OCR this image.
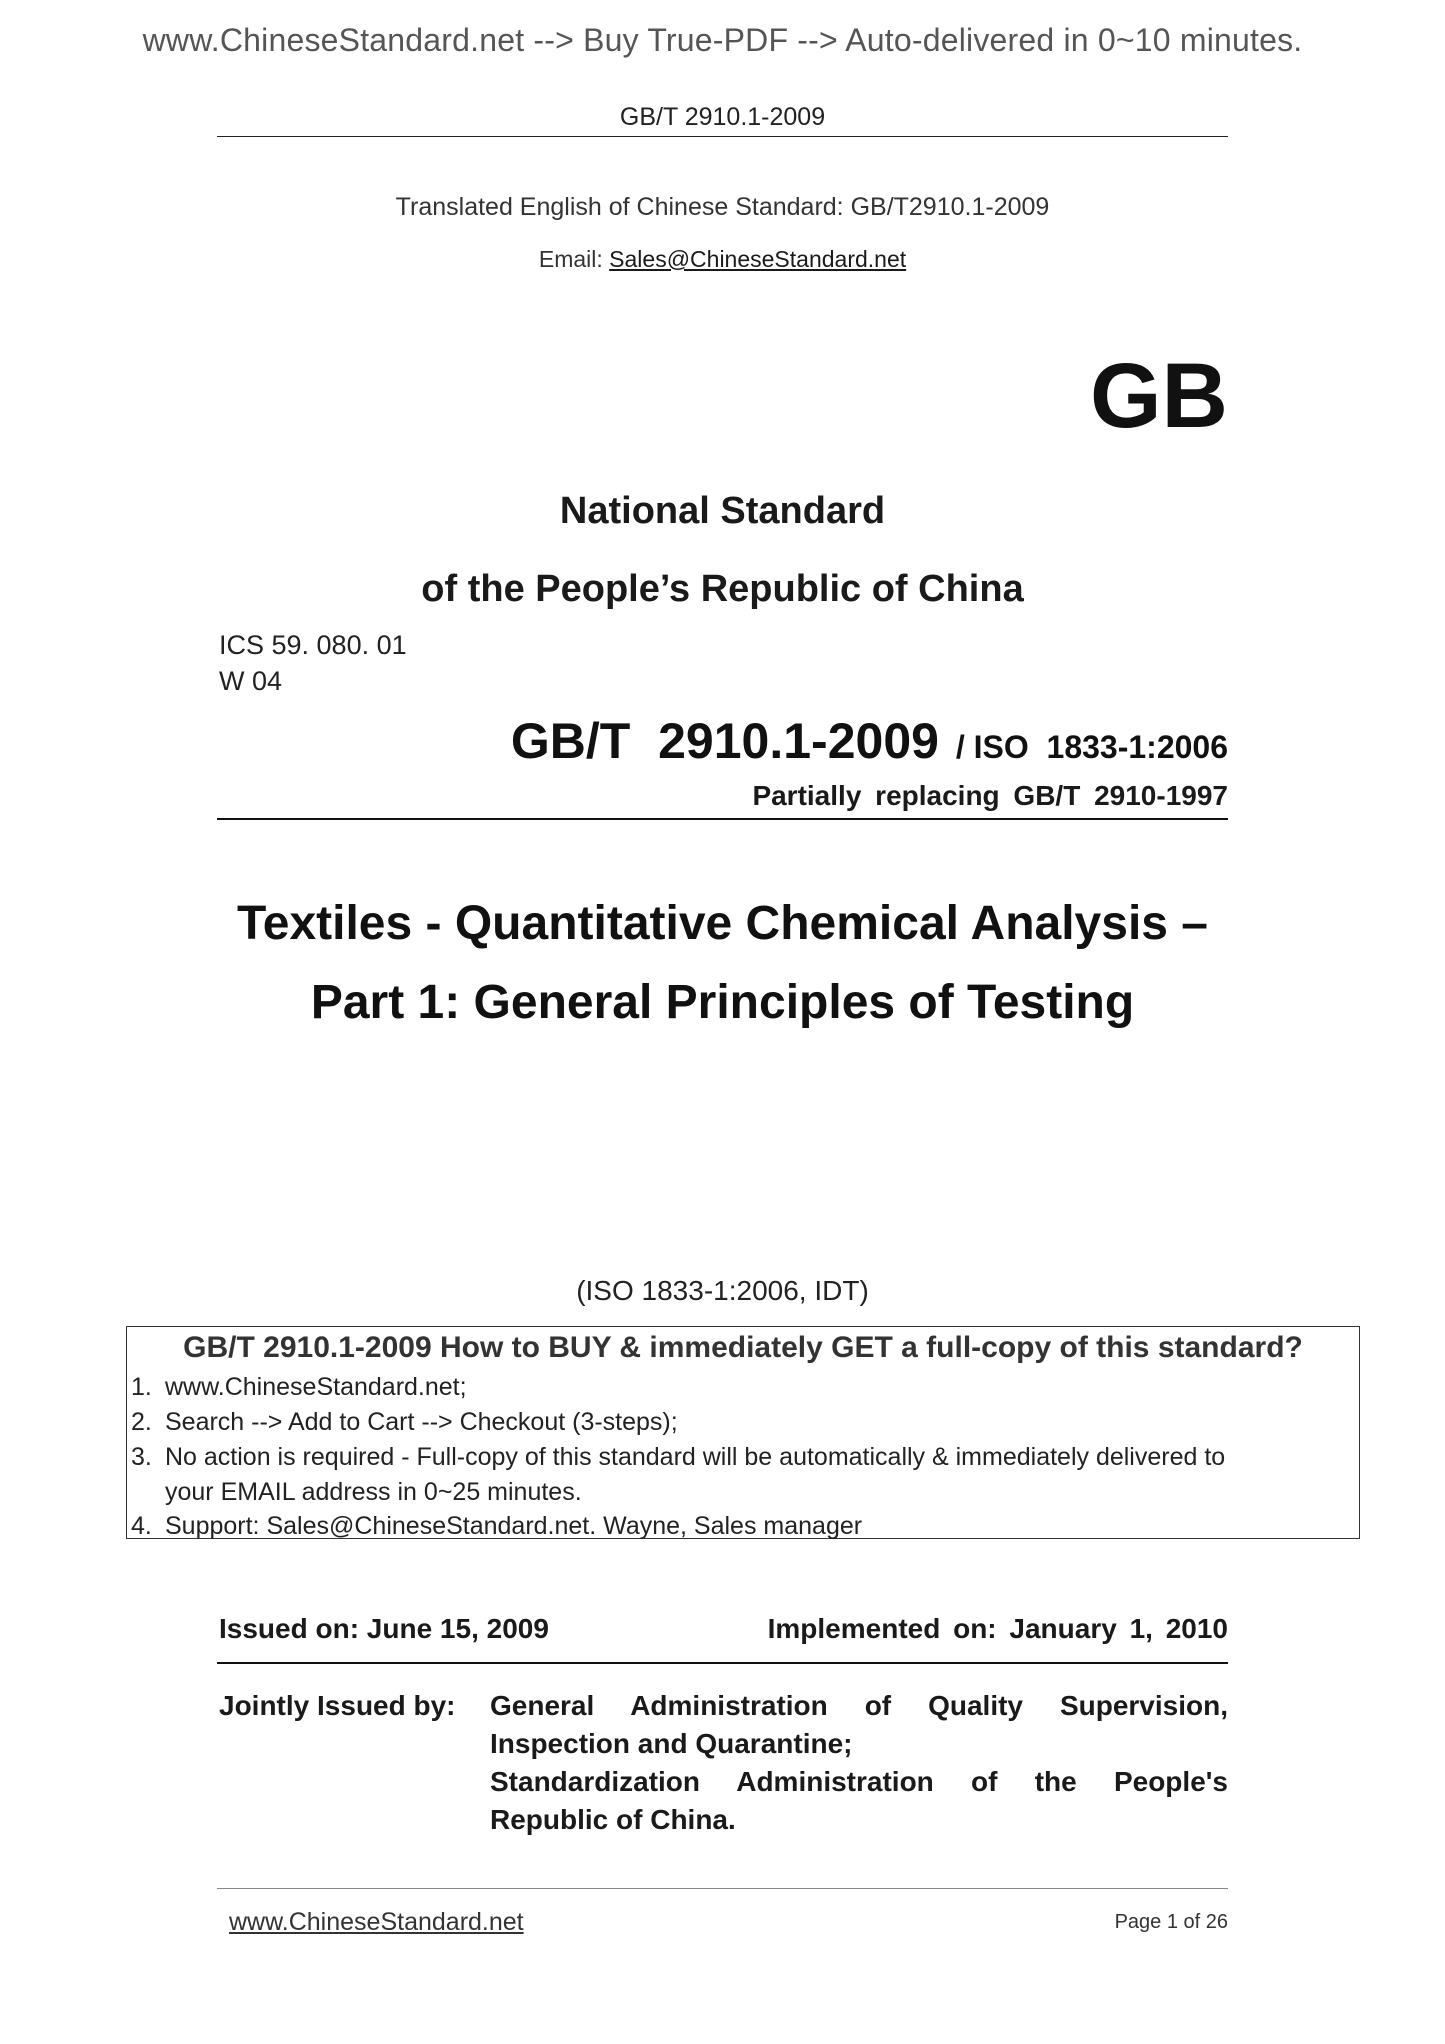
www.ChineseStandard.net --> Buy True-PDF --> Auto-delivered in 0~10 minutes.
GB/T 2910.1-2009
Translated English of Chinese Standard: GB/T2910.1-2009
Email: Sales@ChineseStandard.net
GB
National Standard
of the People’s Republic of China
ICS 59. 080. 01
W 04
GB/T  2910.1-2009 / ISO  1833-1:2006
Partially replacing GB/T 2910-1997
Textiles - Quantitative Chemical Analysis –
Part 1: General Principles of Testing
(ISO 1833-1:2006, IDT)
GB/T 2910.1-2009 How to BUY & immediately GET a full-copy of this standard?
1. www.ChineseStandard.net;
2. Search --> Add to Cart --> Checkout (3-steps);
3. No action is required - Full-copy of this standard will be automatically & immediately delivered to
your EMAIL address in 0~25 minutes.
4. Support: Sales@ChineseStandard.net. Wayne, Sales manager
Issued on: June 15, 2009	Implemented on: January 1, 2010
Jointly Issued by: General Administration of Quality Supervision,
Inspection and Quarantine;
Standardization Administration of the People's
Republic of China.
www.ChineseStandard.net	Page 1 of 26
